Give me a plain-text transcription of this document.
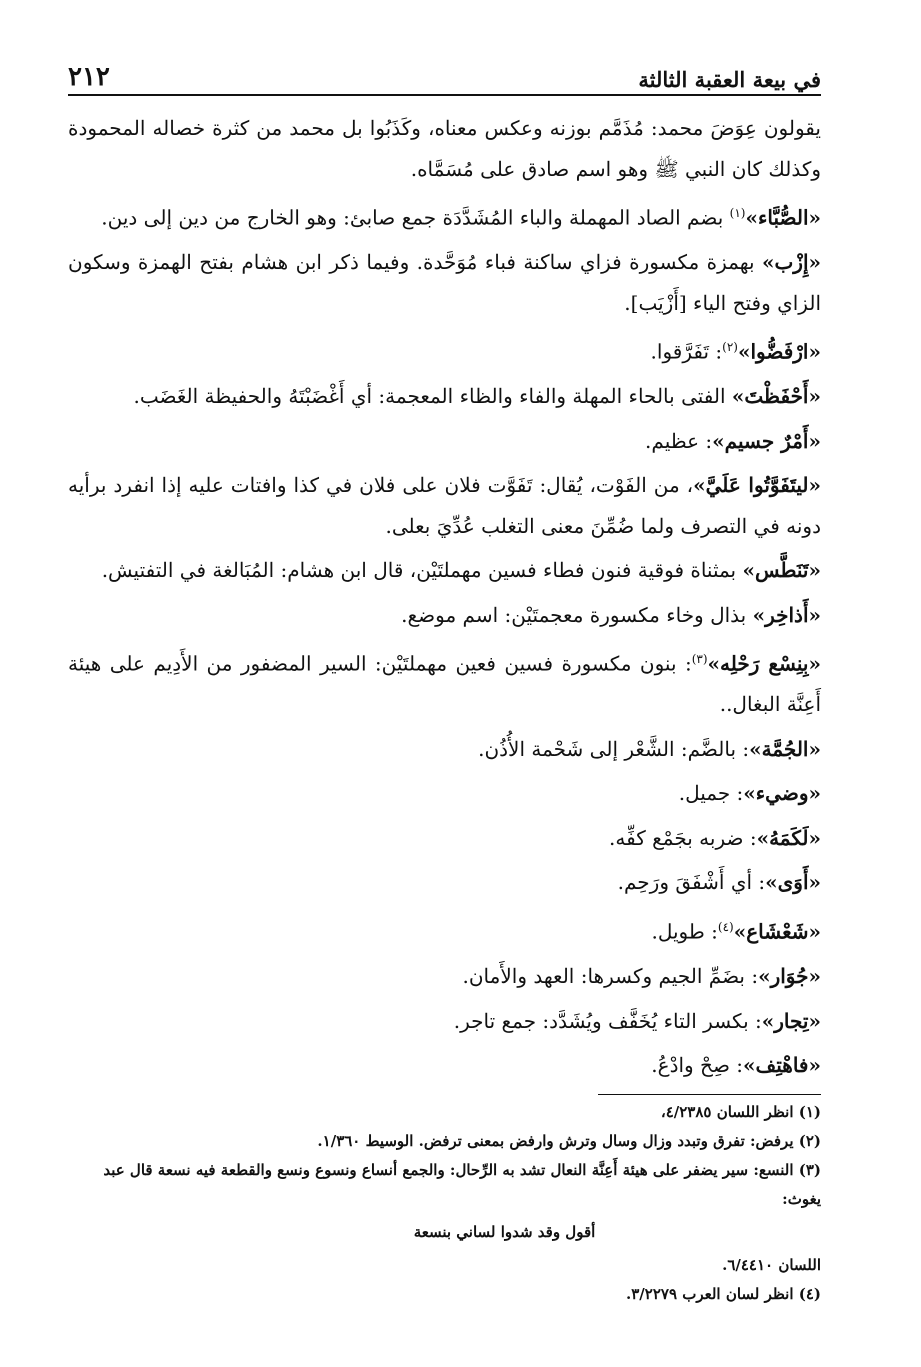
في بيعة العقبة الثالثة
٢١٢

يقولون عِوَضَ محمد: مُذَمَّم بوزنه وعكس معناه، وكَذَبُوا بل محمد من كثرة خصاله المحمودة وكذلك كان النبي ﷺ وهو اسم صادق على مُسَمَّاه.

«الصُّبَّاء»$^{(١)}$ بضم الصاد المهملة والباء المُشَدَّدَة جمع صابئ: وهو الخارج من دين إلى دين.

«إِزْب» بهمزة مكسورة فزاي ساكنة فباء مُوَحَّدة. وفيما ذكر ابن هشام بفتح الهمزة وسكون الزاي وفتح الياء [أَزْيَب].

«ارْفَضُّوا»$^{(٢)}$: تَفَرَّقوا.

«أَحْفَظْتَ» الفتى بالحاء المهلة والفاء والظاء المعجمة: أي أَغْضَبْتَهُ والحفيظة الغَضَب.

«أَمْرٌ جسيم»: عظيم.

«ليتَفَوَّتُوا عَلَيَّ»، من الفَوْت، يُقال: تَفَوَّت فلان على فلان في كذا وافتات عليه إذا انفرد برأيه دونه في التصرف ولما ضُمِّنَ معنى التغلب عُدِّيَ بعلى.

«تَنَطَّس» بمثناة فوقية فنون فطاء فسين مهملتَيْن، قال ابن هشام: المُبَالغة في التفتيش.

«أَذاخِر» بذال وخاء مكسورة معجمتَيْن: اسم موضع.

«بِنِسْع رَحْلِه»$^{(٣)}$: بنون مكسورة فسين فعين مهملتَيْن: السير المضفور من الأَدِيم على هيئة أَعِنَّة البغال..

«الجُمَّة»: بالضَّم: الشَّعْر إلى شَحْمة الأُذُن.

«وضيء»: جميل.

«لَكَمَهُ»: ضربه بجَمْع كفِّه.

«أَوَى»: أي أَشْفَقَ ورَحِم.

«شَعْشَاع»$^{(٤)}$: طويل.

«جُوَار»: بضَمِّ الجيم وكسرها: العهد والأَمان.

«تِجار»: بكسر التاء يُخَفَّف ويُشَدَّد: جمع تاجر.

«فاهْتِف»: صِحْ وادْعُ.

(١) انظر اللسان ٤/٢٣٨٥،

(٢) يرفض: تفرق وتبدد وزال وسال وترش وارفض بمعنى ترفض. الوسيط ١/٣٦٠.

(٣) النسع: سير يضفر على هيئة أَعِنَّة النعال تشد به الرِّحال: والجمع أنساع ونسوع ونسع والقطعة فيه نسعة قال عبد يغوث:

أقول وقد شدوا لساني بنسعة

اللسان ٦/٤٤١٠.

(٤) انظر لسان العرب ٣/٢٢٧٩.
